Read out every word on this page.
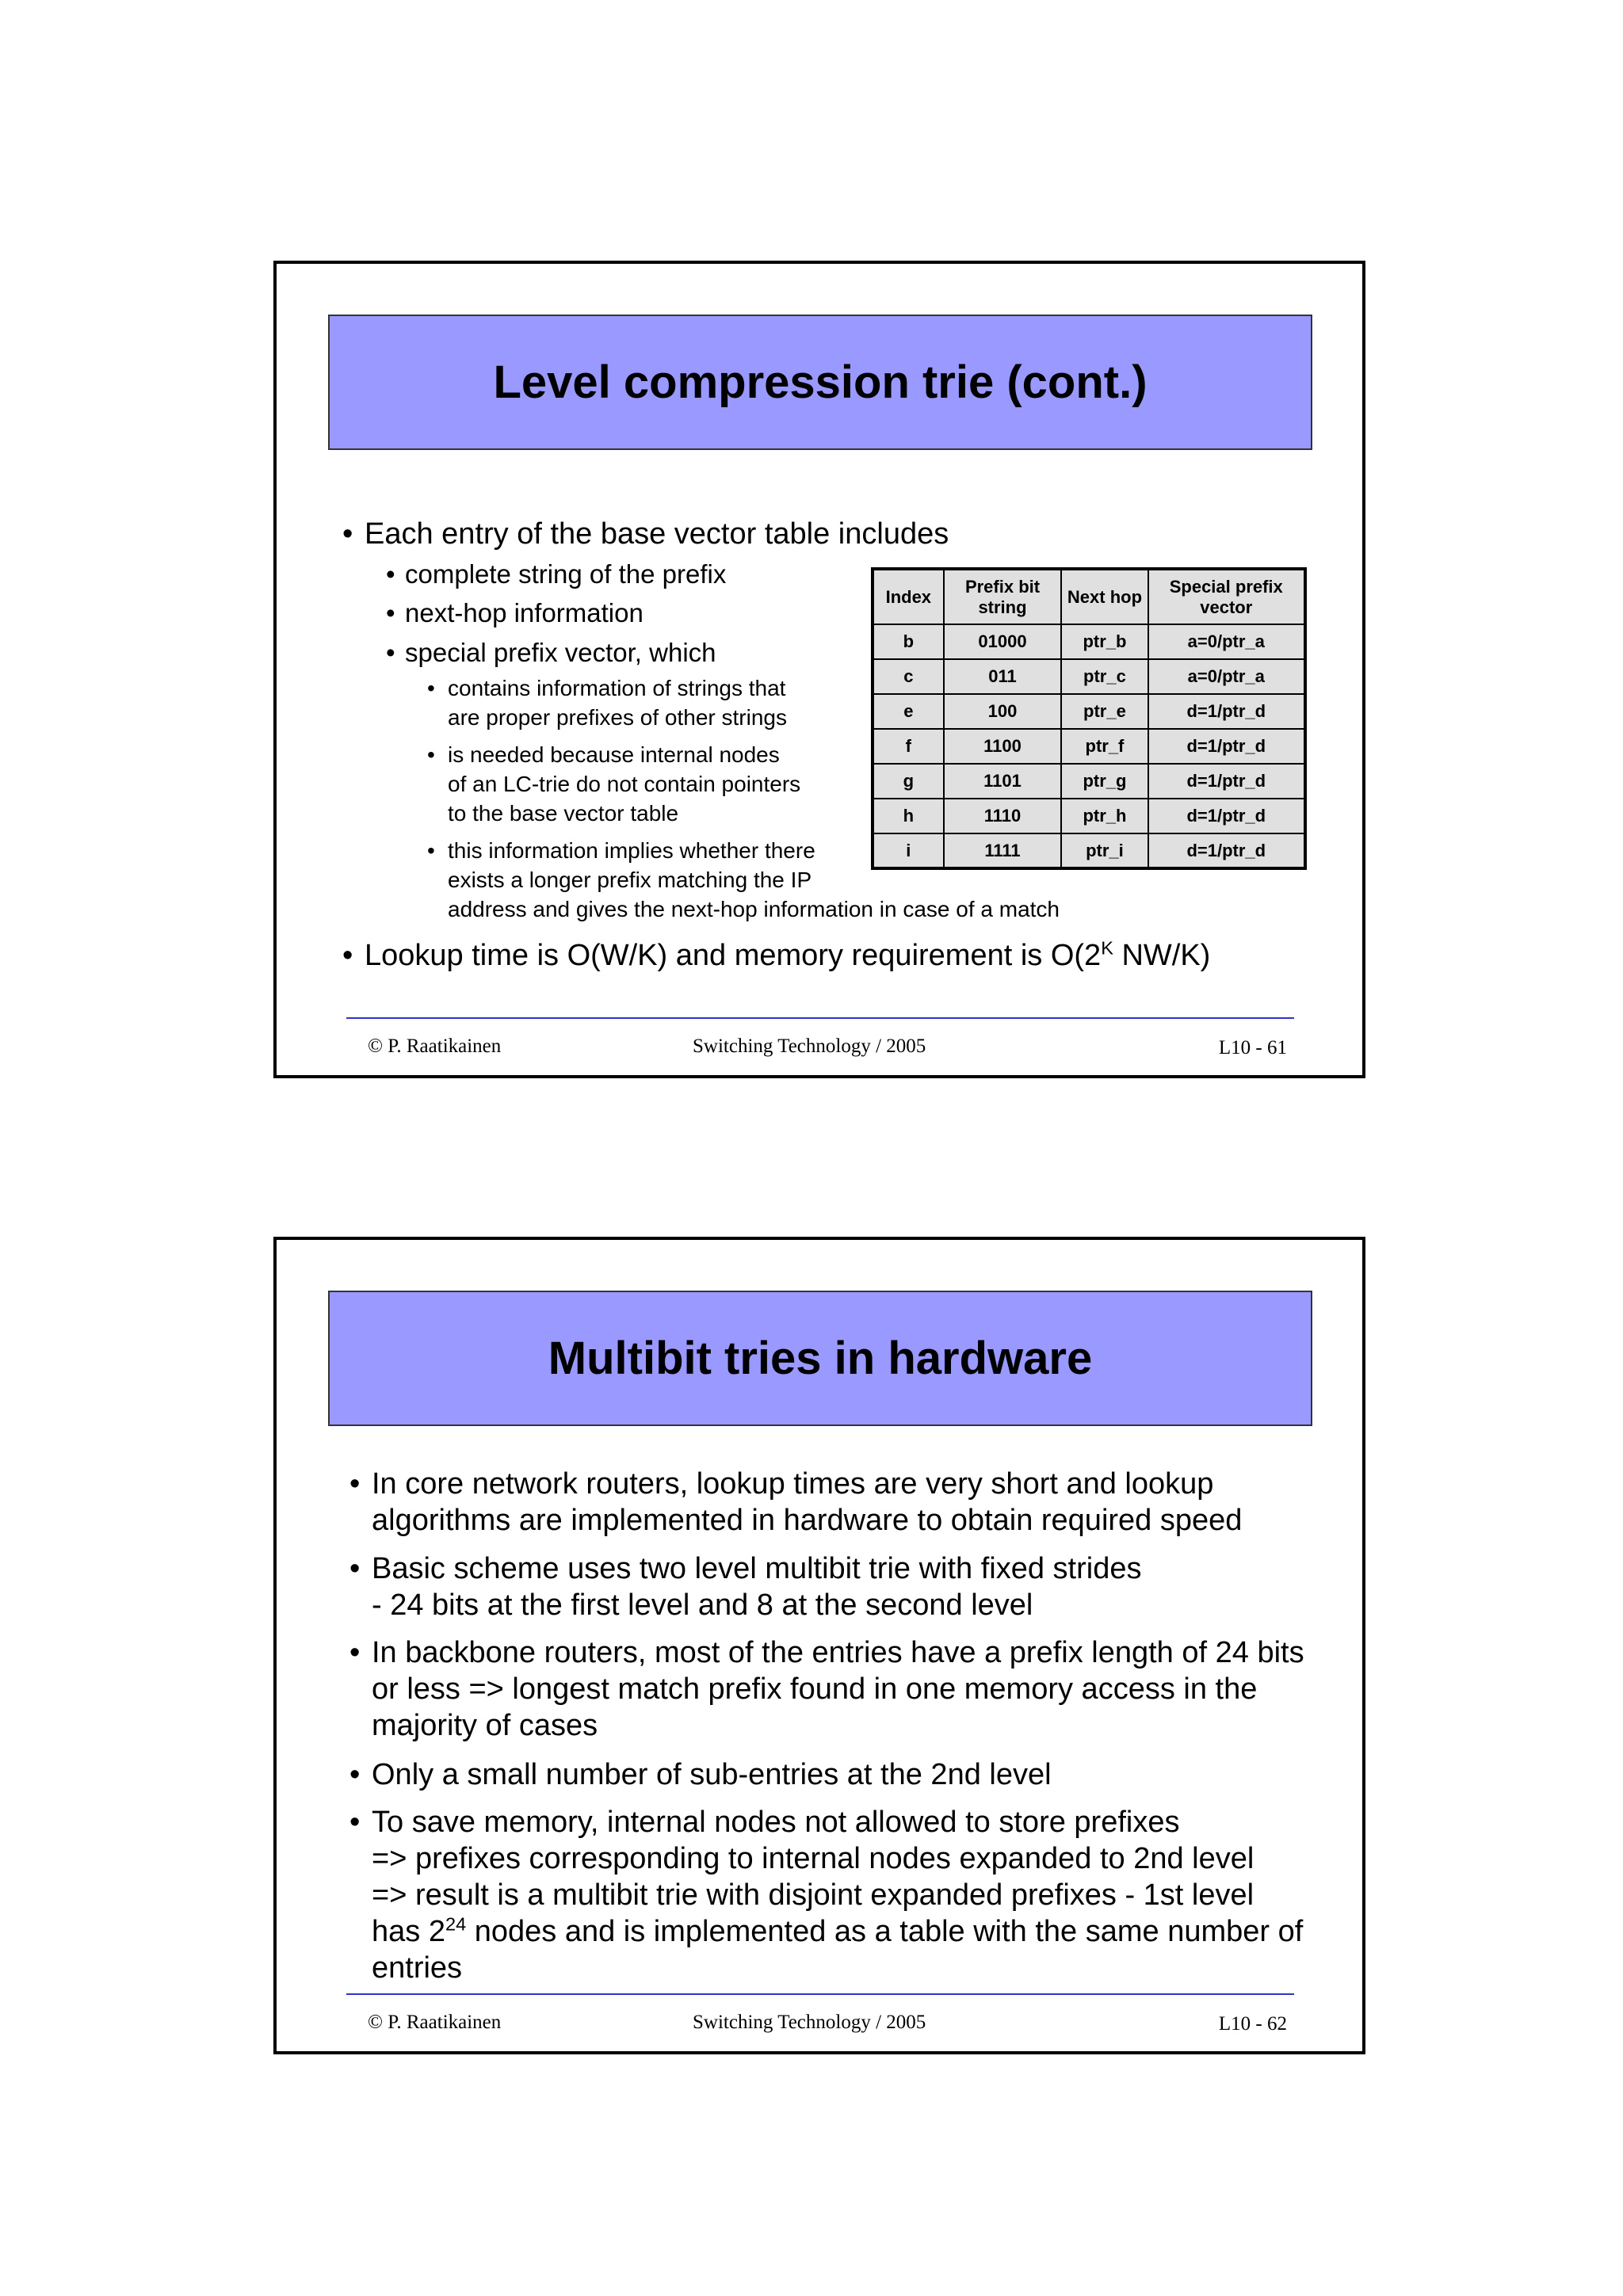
Level compression trie (cont.)
• Each entry of the base vector table includes
• complete string of the prefix
• next-hop information
• special prefix vector, which
• contains information of strings that
are proper prefixes of other strings
• is needed because internal nodes
of an LC-trie do not contain pointers
to the base vector table
• this information implies whether there
exists a longer prefix matching the IP
address and gives the next-hop information in case of a match
Index	Prefix bit string	Next hop	Special prefix vector
b	01000	ptr_b	a=0/ptr_a
c	011	ptr_c	a=0/ptr_a
e	100	ptr_e	d=1/ptr_d
f	1100	ptr_f	d=1/ptr_d
g	1101	ptr_g	d=1/ptr_d
h	1110	ptr_h	d=1/ptr_d
i	1111	ptr_i	d=1/ptr_d
• Lookup time is O(W/K) and memory requirement is $O(2^K$ NW/K)
© P. Raatikainen	Switching Technology / 2005	L10 - 61
Multibit tries in hardware
• In core network routers, lookup times are very short and lookup
algorithms are implemented in hardware to obtain required speed
• Basic scheme uses two level multibit trie with fixed strides
- 24 bits at the first level and 8 at the second level
• In backbone routers, most of the entries have a prefix length of 24 bits
or less => longest match prefix found in one memory access in the
majority of cases
• Only a small number of sub-entries at the 2nd level
• To save memory, internal nodes not allowed to store prefixes
=> prefixes corresponding to internal nodes expanded to 2nd level
=> result is a multibit trie with disjoint expanded prefixes - 1st level
has $2^{24}$ nodes and is implemented as a table with the same number of
entries
© P. Raatikainen	Switching Technology / 2005	L10 - 62
